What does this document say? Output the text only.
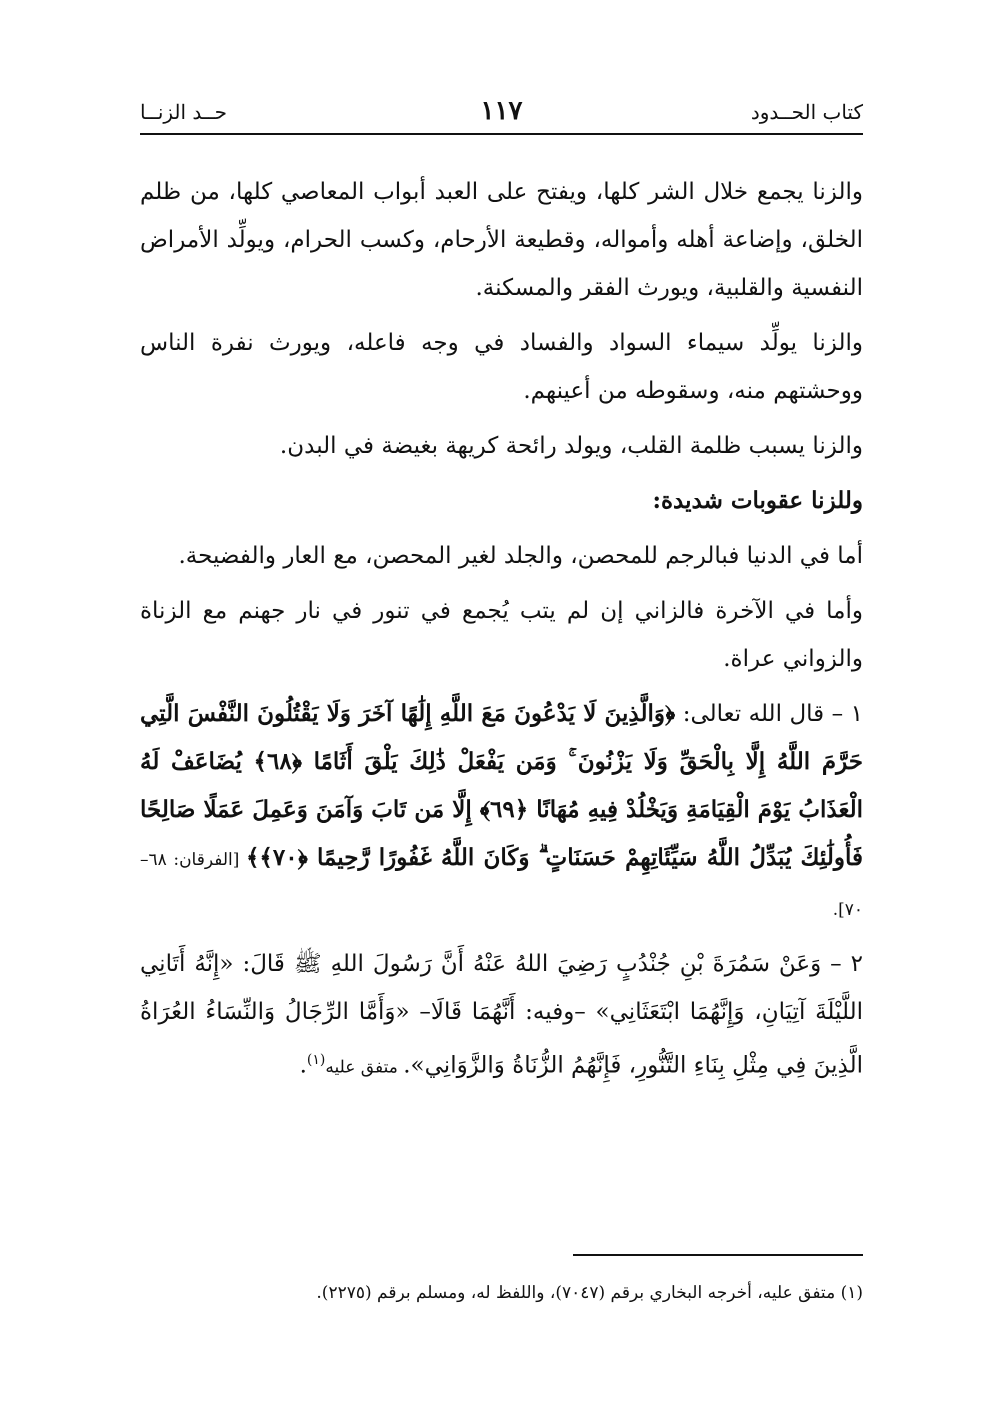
كتاب الحــدود
١١٧
حــد الزنــا

والزنا يجمع خلال الشر كلها، ويفتح على العبد أبواب المعاصي كلها، من ظلم الخلق، وإضاعة أهله وأمواله، وقطيعة الأرحام، وكسب الحرام، ويولِّد الأمراض النفسية والقلبية، ويورث الفقر والمسكنة.

والزنا يولِّد سيماء السواد والفساد في وجه فاعله، ويورث نفرة الناس ووحشتهم منه، وسقوطه من أعينهم.

والزنا يسبب ظلمة القلب، ويولد رائحة كريهة بغيضة في البدن.

وللزنا عقوبات شديدة:

أما في الدنيا فبالرجم للمحصن، والجلد لغير المحصن، مع العار والفضيحة.

وأما في الآخرة فالزاني إن لم يتب يُجمع في تنور في نار جهنم مع الزناة والزواني عراة.

١ – قال الله تعالى: ﴿وَالَّذِينَ لَا يَدْعُونَ مَعَ اللَّهِ إِلَٰهًا آخَرَ وَلَا يَقْتُلُونَ النَّفْسَ الَّتِي حَرَّمَ اللَّهُ إِلَّا بِالْحَقِّ وَلَا يَزْنُونَ ۚ وَمَن يَفْعَلْ ذَٰلِكَ يَلْقَ أَثَامًا ﴿٦٨﴾ يُضَاعَفْ لَهُ الْعَذَابُ يَوْمَ الْقِيَامَةِ وَيَخْلُدْ فِيهِ مُهَانًا ﴿٦٩﴾ إِلَّا مَن تَابَ وَآمَنَ وَعَمِلَ عَمَلًا صَالِحًا فَأُولَٰئِكَ يُبَدِّلُ اللَّهُ سَيِّئَاتِهِمْ حَسَنَاتٍ ۗ وَكَانَ اللَّهُ غَفُورًا رَّحِيمًا ﴿٧٠﴾﴾ [الفرقان: ٦٨–٧٠].

٢ – وَعَنْ سَمُرَةَ بْنِ جُنْدُبٍ رَضِيَ اللهُ عَنْهُ أَنَّ رَسُولَ اللهِ ﷺ قَالَ: «إِنَّهُ أَتَانِي اللَّيْلَةَ آتِيَانِ، وَإِنَّهُمَا ابْتَعَثَانِي» –وفيه: أَنَّهُمَا قَالَا– «وَأَمَّا الرِّجَالُ وَالنِّسَاءُ العُرَاةُ الَّذِينَ فِي مِثْلِ بِنَاءِ التَّنُّورِ، فَإِنَّهُمُ الزُّنَاةُ وَالزَّوَانِي». متفق عليه$^{(١)}$.

(١) متفق عليه، أخرجه البخاري برقم (٧٠٤٧)، واللفظ له، ومسلم برقم (٢٢٧٥).
